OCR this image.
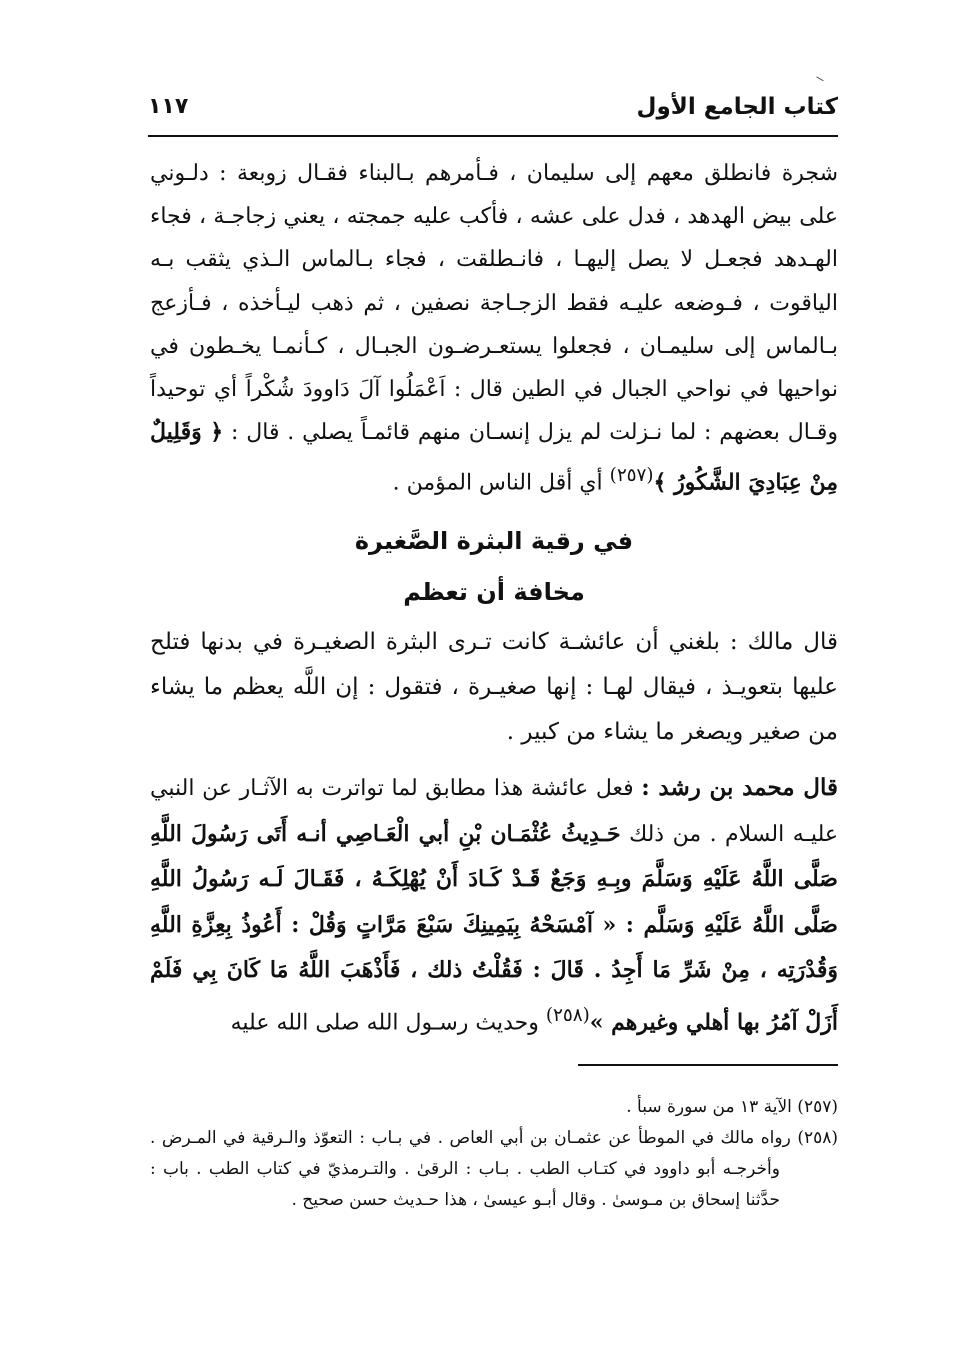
كتاب الجامع الأول
١١٧
شجرة فانطلق معهم إلى سليمان ، فـأمرهم بـالبناء فقـال زوبعة : دلـوني على بيض الهدهد ، فدل على عشه ، فأكب عليه جمجته ، يعني زجاجـة ، فجاء الهـدهد فجعـل لا يصل إليهـا ، فانـطلقت ، فجاء بـالماس الـذي يثقب بـه الياقوت ، فـوضعه عليـه فقط الزجـاجة نصفين ، ثم ذهب ليـأخذه ، فـأزعج بـالماس إلى سليمـان ، فجعلوا يستعـرضـون الجبـال ، كـأنمـا يخـطون في نواحيها في نواحي الجبال في الطين قال : اَعْمَلُوا آلَ دَاوودَ شُكْراً أي توحيداً وقـال بعضهم : لما نـزلت لم يزل إنسـان منهم قائمـاً يصلي . قال : ﴿ وَقَلِيلٌ مِنْ عِبَادِيَ الشَّكُورُ ﴾$^{(٢٥٧)}$ أي أقل الناس المؤمن .
في رقية البثرة الصَّغيرة
مخافة أن تعظم
قال مالك : بلغني أن عائشـة كانت تـرى البثرة الصغيـرة في بدنها فتلح عليها بتعويـذ ، فيقال لهـا : إنها صغيـرة ، فتقول : إن اللَّه يعظم ما يشاء من صغير ويصغر ما يشاء من كبير .
قال محمد بن رشد : فعل عائشة هذا مطابق لما تواترت به الآثـار عن النبي عليـه السلام . من ذلك حَـدِيثُ عُثْمَـان بْنِ أبي الْعَـاصِي أنـه أَتَى رَسُولَ اللَّهِ صَلَّى اللَّهُ عَلَيْهِ وَسَلَّمَ وبِـهِ وَجَعٌ قَـدْ كَـادَ أَنْ يُهْلِكَـهُ ، فَقَـالَ لَـه رَسُولُ اللَّهِ صَلَّى اللَّهُ عَلَيْهِ وَسَلَّم : « آمْسَحْهُ بِيَمِينِكَ سَبْعَ مَرَّاتٍ وَقُلْ : أَعُوذُ بِعِزَّةِ اللَّهِ وَقُدْرَتِه ، مِنْ شَرِّ مَا أَجِدُ . قَالَ : فَقُلْتُ ذلك ، فَأَذْهَبَ اللَّهُ مَا كَانَ بِي فَلَمْ أَزَلْ آمُرُ بها أهلي وغيرهم »$^{(٢٥٨)}$ وحديث رسـول الله صلى الله عليه
(٢٥٧) الآية ١٣ من سورة سبأ .
(٢٥٨) رواه مالك في الموطأ عن عثمـان بن أبي العاص . في بـاب : التعوّذ والـرقية في المـرض . وأخرجـه أبو داوود في كتـاب الطب . بـاب : الرقىٰ . والتـرمذيّ في كتاب الطب . باب : حدَّثنا إسحاق بن مـوسىٰ . وقال أبـو عيسىٰ ، هذا حـديث حسن صحيح .
